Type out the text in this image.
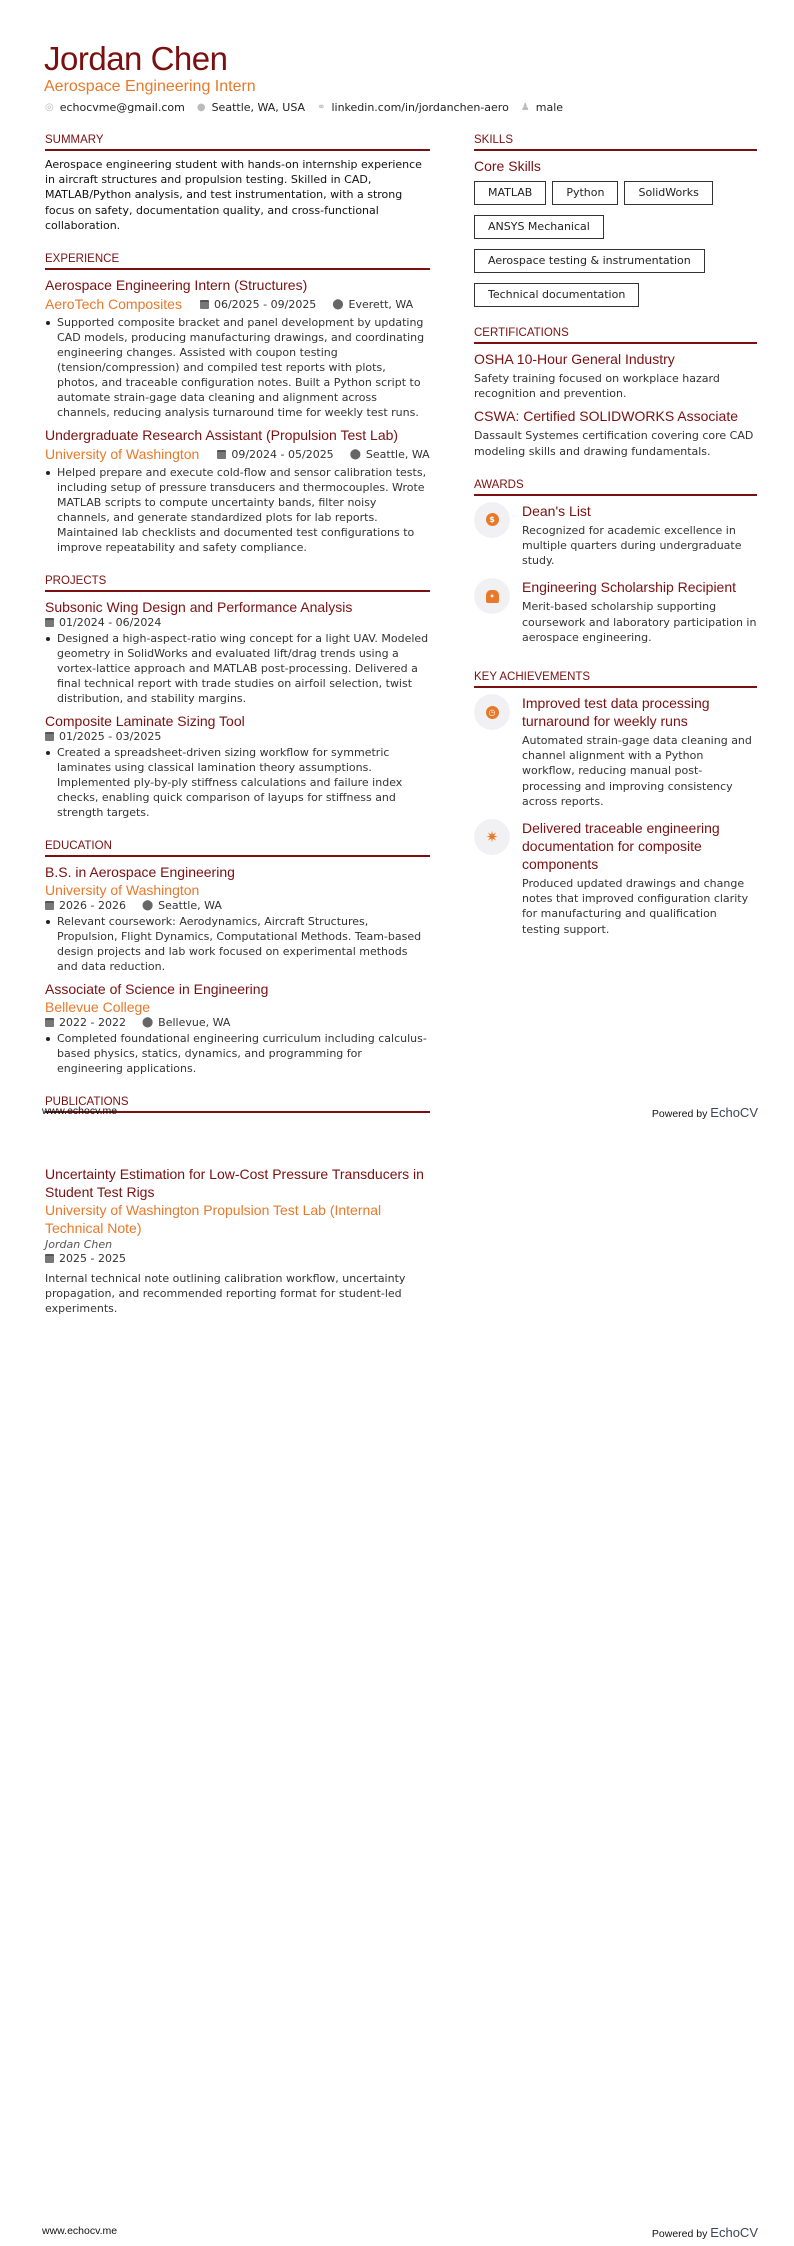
Jordan Chen
Aerospace Engineering Intern
◎ echocvme@gmail.com ● Seattle, WA, USA ⚭ linkedin.com/in/jordanchen-aero ♟ male
SUMMARY
Aerospace engineering student with hands-on internship experience in aircraft structures and propulsion testing. Skilled in CAD, MATLAB/Python analysis, and test instrumentation, with a strong focus on safety, documentation quality, and cross-functional collaboration.
EXPERIENCE
Aerospace Engineering Intern (Structures)
AeroTech Composites	06/2025 - 09/2025 ⬤ Everett, WA
Supported composite bracket and panel development by updating CAD models, producing manufacturing drawings, and coordinating engineering changes. Assisted with coupon testing (tension/compression) and compiled test reports with plots, photos, and traceable configuration notes. Built a Python script to automate strain-gage data cleaning and alignment across channels, reducing analysis turnaround time for weekly test runs.
Undergraduate Research Assistant (Propulsion Test Lab)
University of Washington	09/2024 - 05/2025 ⬤ Seattle, WA
Helped prepare and execute cold-flow and sensor calibration tests, including setup of pressure transducers and thermocouples. Wrote MATLAB scripts to compute uncertainty bands, filter noisy channels, and generate standardized plots for lab reports. Maintained lab checklists and documented test configurations to improve repeatability and safety compliance.
PROJECTS
Subsonic Wing Design and Performance Analysis
01/2024 - 06/2024
Designed a high-aspect-ratio wing concept for a light UAV. Modeled geometry in SolidWorks and evaluated lift/drag trends using a vortex-lattice approach and MATLAB post-processing. Delivered a final technical report with trade studies on airfoil selection, twist distribution, and stability margins.
Composite Laminate Sizing Tool
01/2025 - 03/2025
Created a spreadsheet-driven sizing workflow for symmetric laminates using classical lamination theory assumptions. Implemented ply-by-ply stiffness calculations and failure index checks, enabling quick comparison of layups for stiffness and strength targets.
EDUCATION
B.S. in Aerospace Engineering
University of Washington
2026 - 2026 ⬤ Seattle, WA
Relevant coursework: Aerodynamics, Aircraft Structures, Propulsion, Flight Dynamics, Computational Methods. Team-based design projects and lab work focused on experimental methods and data reduction.
Associate of Science in Engineering
Bellevue College
2022 - 2022 ⬤ Bellevue, WA
Completed foundational engineering curriculum including calculus-based physics, statics, dynamics, and programming for engineering applications.
PUBLICATIONS
SKILLS
Core Skills
MATLAB	Python	SolidWorks
ANSYS Mechanical
Aerospace testing & instrumentation
Technical documentation
CERTIFICATIONS
OSHA 10-Hour General Industry
Safety training focused on workplace hazard recognition and prevention.
CSWA: Certified SOLIDWORKS Associate
Dassault Systemes certification covering core CAD modeling skills and drawing fundamentals.
AWARDS
$
Dean's List
Recognized for academic excellence in multiple quarters during undergraduate study.
•
Engineering Scholarship Recipient
Merit-based scholarship supporting coursework and laboratory participation in aerospace engineering.
KEY ACHIEVEMENTS
◷
Improved test data processing turnaround for weekly runs
Automated strain-gage data cleaning and channel alignment with a Python workflow, reducing manual post-processing and improving consistency across reports.
✷ Delivered traceable engineering documentation for composite components
Produced updated drawings and change notes that improved configuration clarity for manufacturing and qualification testing support.
www.echocv.me	Powered by EchoCV
Uncertainty Estimation for Low-Cost Pressure Transducers in Student Test Rigs
University of Washington Propulsion Test Lab (Internal Technical Note)
Jordan Chen
2025 - 2025
Internal technical note outlining calibration workflow, uncertainty propagation, and recommended reporting format for student-led experiments.
www.echocv.me	Powered by EchoCV
